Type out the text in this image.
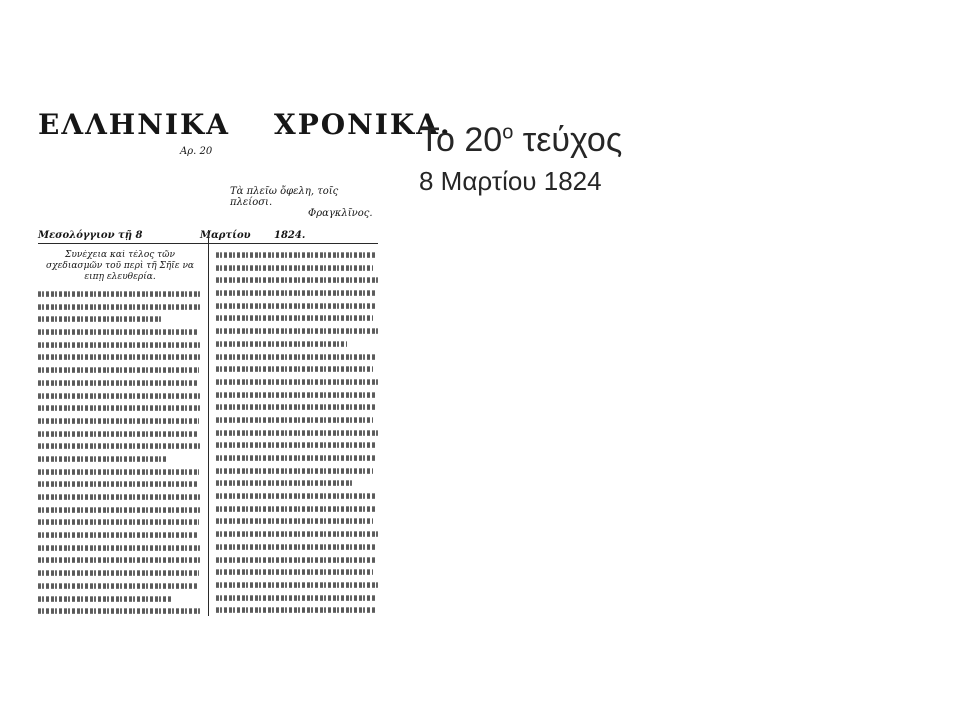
ΕΛΛΗΝΙΚΑ ΧΡΟΝΙΚΑ.
Αρ. 20
Τὰ πλεῖω ὄφελη, τοῖς πλείοσι.
Φραγκλῖνος.
Μεσολόγγιον τῇ 8	Μαρτίου 1824.

Συνέχεια καὶ τέλος τῶν σχεδιασμῶν τοῦ περὶ τῆ Σῆῖε να ειπῃ ελευθερία.
Το $20^o$ τεύχος
8 Μαρτίου 1824
